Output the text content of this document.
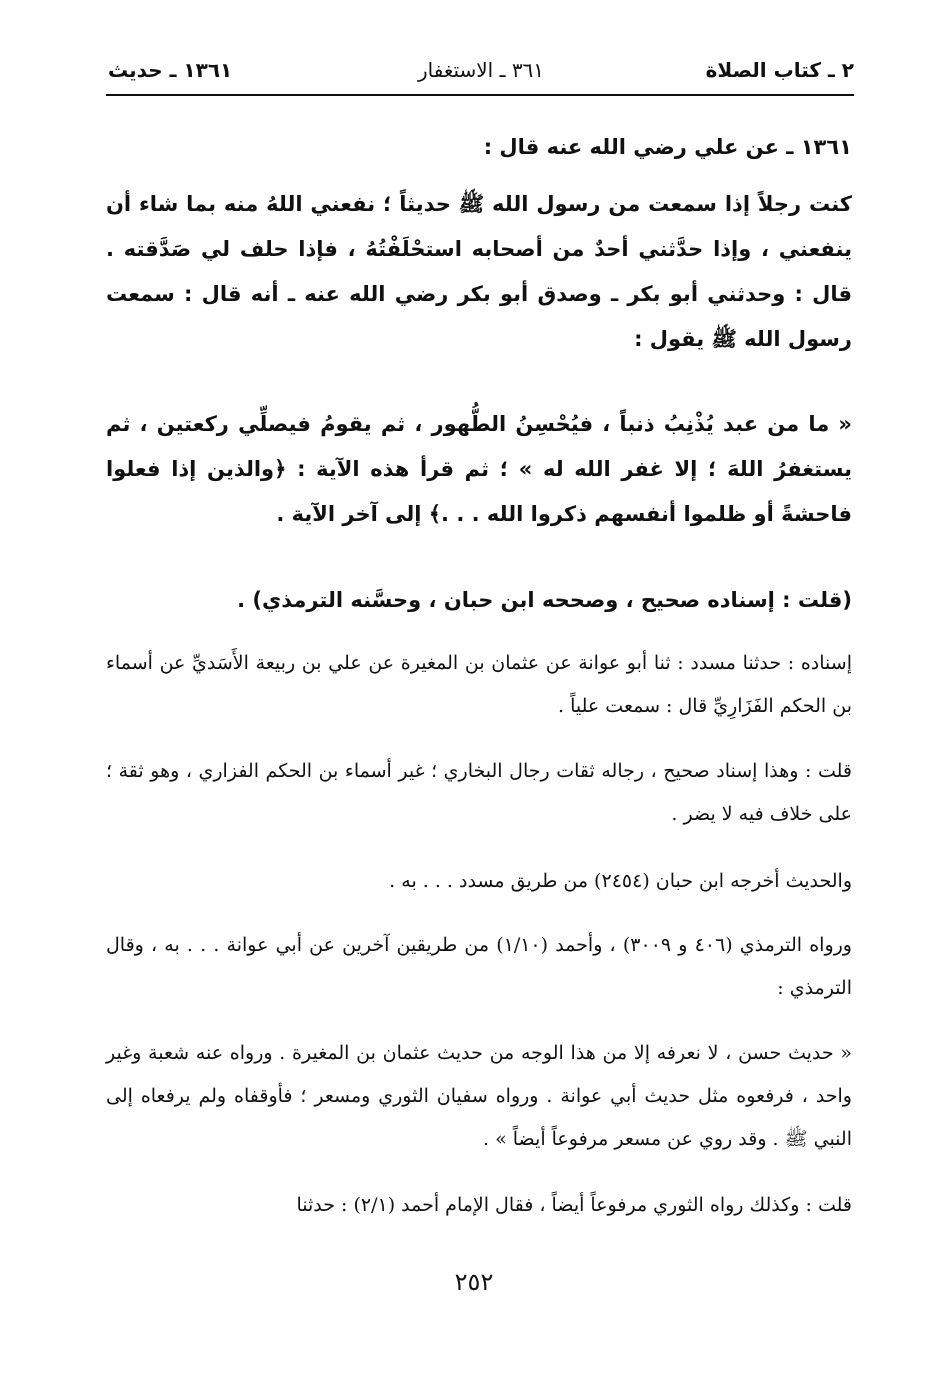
٢ ـ كتاب الصلاة
٣٦١ ـ الاستغفار
١٣٦١ ـ حديث

١٣٦١ ـ عن علي رضي الله عنه قال :

كنت رجلاً إذا سمعت من رسول الله ﷺ حديثاً ؛ نفعني اللهُ منه بما شاء أن ينفعني ، وإذا حدَّثني أحدٌ من أصحابه استحْلَفْتُهُ ، فإذا حلف لي صَدَّقته . قال : وحدثني أبو بكر ـ وصدق أبو بكر رضي الله عنه ـ أنه قال : سمعت رسول الله ﷺ يقول :

« ما من عبد يُذْنِبُ ذنباً ، فيُحْسِنُ الطُّهور ، ثم يقومُ فيصلِّي ركعتين ، ثم يستغفرُ اللهَ ؛ إلا غفر الله له » ؛ ثم قرأ هذه الآية : ﴿والذين إذا فعلوا فاحشةً أو ظلموا أنفسهم ذكروا الله . . .﴾ إلى آخر الآية .

(قلت : إسناده صحيح ، وصححه ابن حبان ، وحسَّنه الترمذي) .

إسناده : حدثنا مسدد : ثنا أبو عوانة عن عثمان بن المغيرة عن علي بن ربيعة الأَسَديِّ عن أسماء بن الحكم الفَزَارِيِّ قال : سمعت علياً .

قلت : وهذا إسناد صحيح ، رجاله ثقات رجال البخاري ؛ غير أسماء بن الحكم الفزاري ، وهو ثقة ؛ على خلاف فيه لا يضر .

والحديث أخرجه ابن حبان (٢٤٥٤) من طريق مسدد . . . به .

ورواه الترمذي (٤٠٦ و ٣٠٠٩) ، وأحمد (١/١٠) من طريقين آخرين عن أبي عوانة . . . به ، وقال الترمذي :

« حديث حسن ، لا نعرفه إلا من هذا الوجه من حديث عثمان بن المغيرة . ورواه عنه شعبة وغير واحد ، فرفعوه مثل حديث أبي عوانة . ورواه سفيان الثوري ومسعر ؛ فأوقفاه ولم يرفعاه إلى النبي ﷺ . وقد روي عن مسعر مرفوعاً أيضاً » .

قلت : وكذلك رواه الثوري مرفوعاً أيضاً ، فقال الإمام أحمد (٢/١) : حدثنا

٢٥٢
